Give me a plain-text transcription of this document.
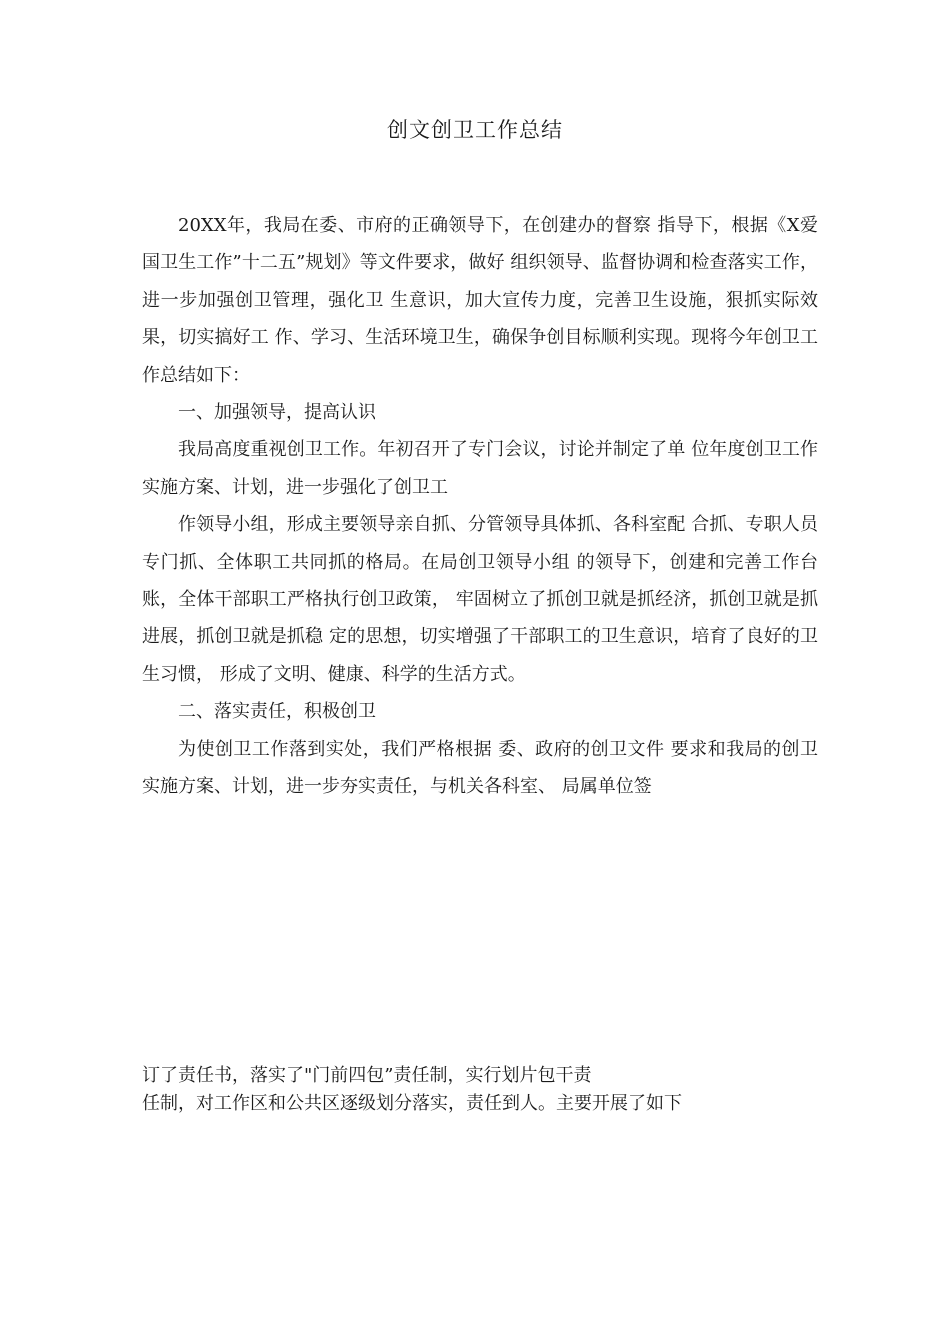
创文创卫工作总结

20XX年，我局在委、市府的正确领导下，在创建办的督察 指导下，根据《X爱国卫生工作”十二五”规划》等文件要求，做好 组织领导、监督协调和检查落实工作，进一步加强创卫管理，强化卫 生意识，加大宣传力度，完善卫生设施，狠抓实际效果，切实搞好工 作、学习、生活环境卫生，确保争创目标顺利实现。现将今年创卫工 作总结如下：

一、加强领导，提高认识

我局高度重视创卫工作。年初召开了专门会议，讨论并制定了单 位年度创卫工作实施方案、计划，进一步强化了创卫工

作领导小组，形成主要领导亲自抓、分管领导具体抓、各科室配 合抓、专职人员专门抓、全体职工共同抓的格局。在局创卫领导小组 的领导下，创建和完善工作台账，全体干部职工严格执行创卫政策， 牢固树立了抓创卫就是抓经济，抓创卫就是抓进展，抓创卫就是抓稳 定的思想，切实增强了干部职工的卫生意识，培育了良好的卫生习惯， 形成了文明、健康、科学的生活方式。

二、落实责任，积极创卫

为使创卫工作落到实处，我们严格根据 委、政府的创卫文件 要求和我局的创卫实施方案、计划，进一步夯实责任，与机关各科室、 局属单位签

订了责任书，落实了"门前四包”责任制，实行划片包干责

任制，对工作区和公共区逐级划分落实，责任到人。主要开展了如下
